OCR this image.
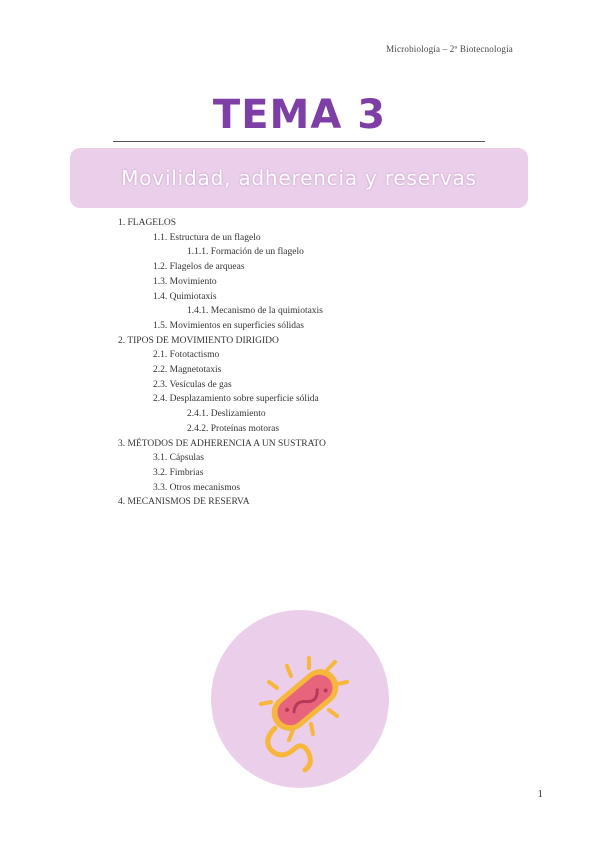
Microbiología – 2º Biotecnología
TEMA 3
Movilidad, adherencia y reservas
1. FLAGELOS
1.1. Estructura de un flagelo
1.1.1. Formación de un flagelo
1.2. Flagelos de arqueas
1.3. Movimiento
1.4. Quimiotaxis
1.4.1. Mecanismo de la quimiotaxis
1.5. Movimientos en superficies sólidas
2. TIPOS DE MOVIMIENTO DIRIGIDO
2.1. Fototactismo
2.2. Magnetotaxis
2.3. Vesículas de gas
2.4. Desplazamiento sobre superficie sólida
2.4.1. Deslizamiento
2.4.2. Proteínas motoras
3. MÉTODOS DE ADHERENCIA A UN SUSTRATO
3.1. Cápsulas
3.2. Fimbrias
3.3. Otros mecanismos
4. MECANISMOS DE RESERVA
1
